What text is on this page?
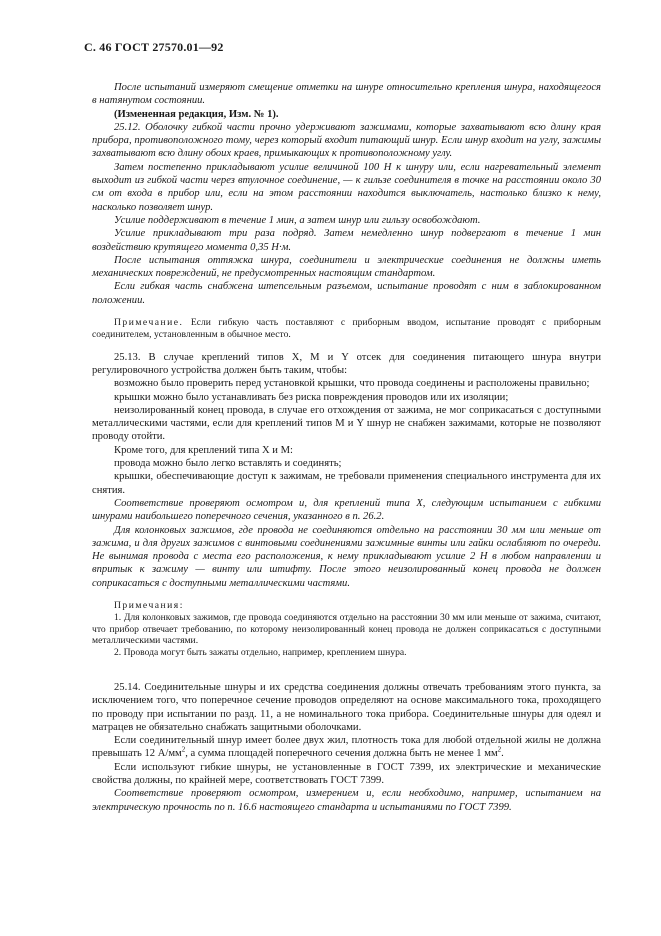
С. 46 ГОСТ 27570.01—92

После испытаний измеряют смещение отметки на шнуре относительно крепления шнура, находящегося в натянутом состоянии.

(Измененная редакция, Изм. № 1).

25.12. Оболочку гибкой части прочно удерживают зажимами, которые захватывают всю длину края прибора, противоположного тому, через который входит питающий шнур. Если шнур входит на углу, зажимы захватывают всю длину обоих краев, примыкающих к противоположному углу.

Затем постепенно прикладывают усилие величиной 100 Н к шнуру или, если нагревательный элемент выходит из гибкой части через втулочное соединение, — к гильзе соединителя в точке на расстоянии около 30 см от входа в прибор или, если на этом расстоянии находится выключатель, настолько близко к нему, насколько позволяет шнур.

Усилие поддерживают в течение 1 мин, а затем шнур или гильзу освобождают.

Усилие прикладывают три раза подряд. Затем немедленно шнур подвергают в течение 1 мин воздействию крутящего момента 0,35 Н·м.

После испытания оттяжка шнура, соединители и электрические соединения не должны иметь механических повреждений, не предусмотренных настоящим стандартом.

Если гибкая часть снабжена штепсельным разъемом, испытание проводят с ним в заблокированном положении.

Примечание. Если гибкую часть поставляют с приборным вводом, испытание проводят с приборным соединителем, установленным в обычное место.

25.13. В случае креплений типов X, M и Y отсек для соединения питающего шнура внутри регулировочного устройства должен быть таким, чтобы:

возможно было проверить перед установкой крышки, что провода соединены и расположены правильно;

крышки можно было устанавливать без риска повреждения проводов или их изоляции;

неизолированный конец провода, в случае его отхождения от зажима, не мог соприкасаться с доступными металлическими частями, если для креплений типов M и Y шнур не снабжен зажимами, которые не позволяют проводу отойти.

Кроме того, для креплений типа X и M:

провода можно было легко вставлять и соединять;

крышки, обеспечивающие доступ к зажимам, не требовали применения специального инструмента для их снятия.

Соответствие проверяют осмотром и, для креплений типа X, следующим испытанием с гибкими шнурами наибольшего поперечного сечения, указанного в п. 26.2.

Для колонковых зажимов, где провода не соединяются отдельно на расстоянии 30 мм или меньше от зажима, и для других зажимов с винтовыми соединениями зажимные винты или гайки ослабляют по очереди. Не вынимая провода с места его расположения, к нему прикладывают усилие 2 Н в любом направлении и впритык к зажиму — винту или штифту. После этого неизолированный конец провода не должен соприкасаться с доступными металлическими частями.

Примечания:

1. Для колонковых зажимов, где провода соединяются отдельно на расстоянии 30 мм или меньше от зажима, считают, что прибор отвечает требованию, по которому неизолированный конец провода не должен соприкасаться с доступными металлическими частями.

2. Провода могут быть зажаты отдельно, например, креплением шнура.

25.14. Соединительные шнуры и их средства соединения должны отвечать требованиям этого пункта, за исключением того, что поперечное сечение проводов определяют на основе максимального тока, проходящего по проводу при испытании по разд. 11, а не номинального тока прибора. Соединительные шнуры для одеял и матрацев не обязательно снабжать защитными оболочками.

Если соединительный шнур имеет более двух жил, плотность тока для любой отдельной жилы не должна превышать 12 $А/мм^2$, а сумма площадей поперечного сечения должна быть не менее 1 $мм^2$.

Если используют гибкие шнуры, не установленные в ГОСТ 7399, их электрические и механические свойства должны, по крайней мере, соответствовать ГОСТ 7399.

Соответствие проверяют осмотром, измерением и, если необходимо, например, испытанием на электрическую прочность по п. 16.6 настоящего стандарта и испытаниями по ГОСТ 7399.
